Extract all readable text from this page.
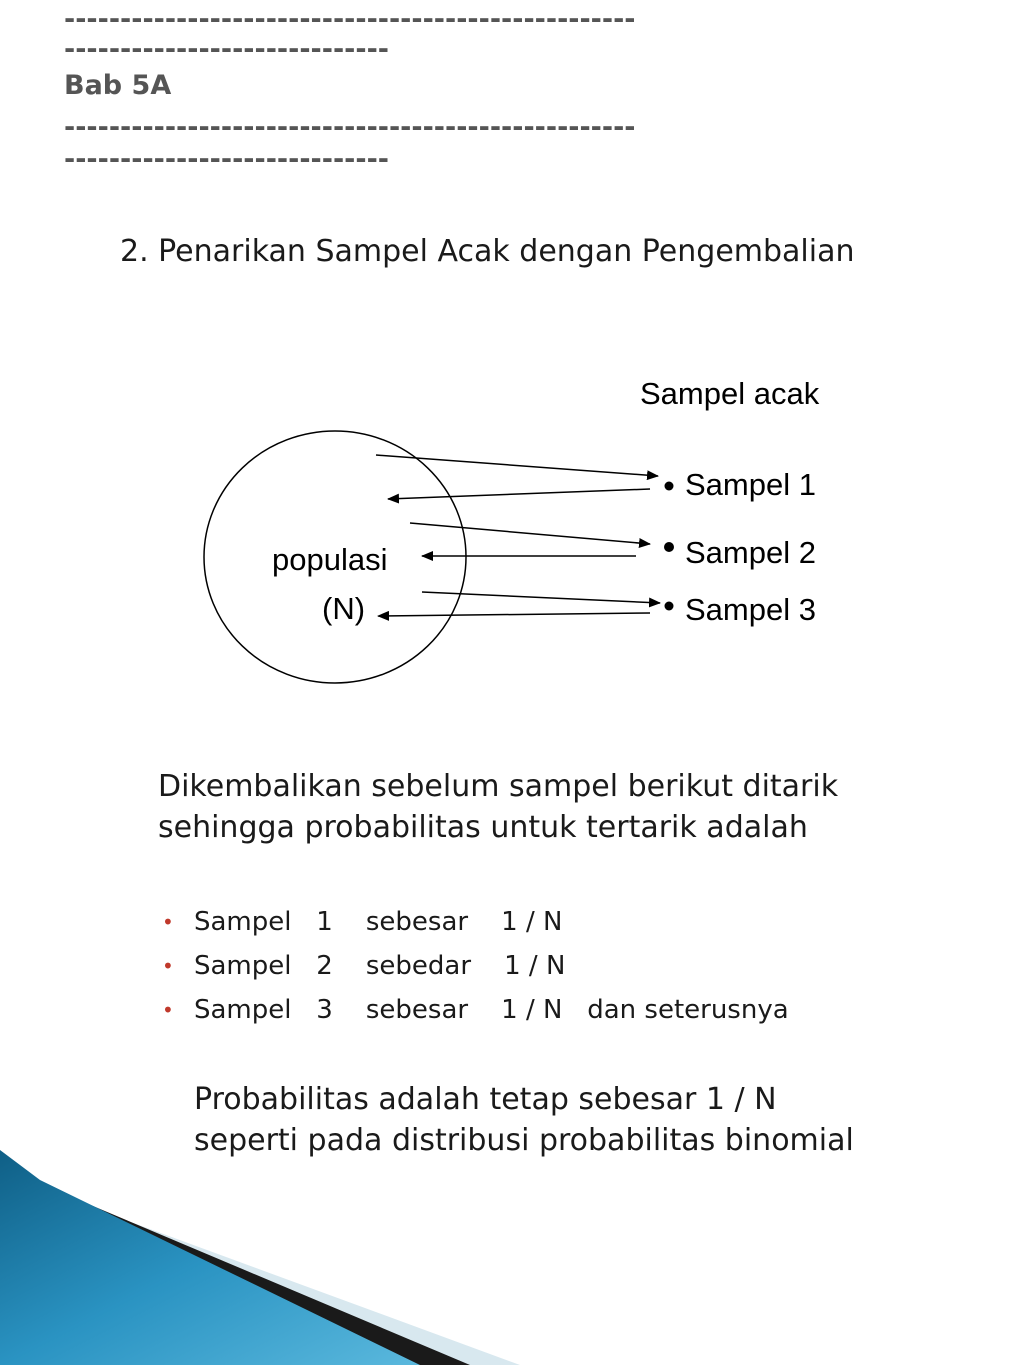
---------------------------------------------------
-----------------------------
Bab 5A
---------------------------------------------------
-----------------------------
2. Penarikan Sampel Acak dengan Pengembalian
Sampel acak
populasi
(N)
Sampel 1
Sampel 2
Sampel 3
Dikembalikan sebelum sampel berikut ditarik
sehingga probabilitas untuk tertarik adalah
• Sampel   1    sebesar    1 / N
• Sampel   2    sebedar    1 / N
• Sampel   3    sebesar    1 / N   dan seterusnya
Probabilitas adalah tetap sebesar 1 / N
seperti pada distribusi probabilitas binomial
